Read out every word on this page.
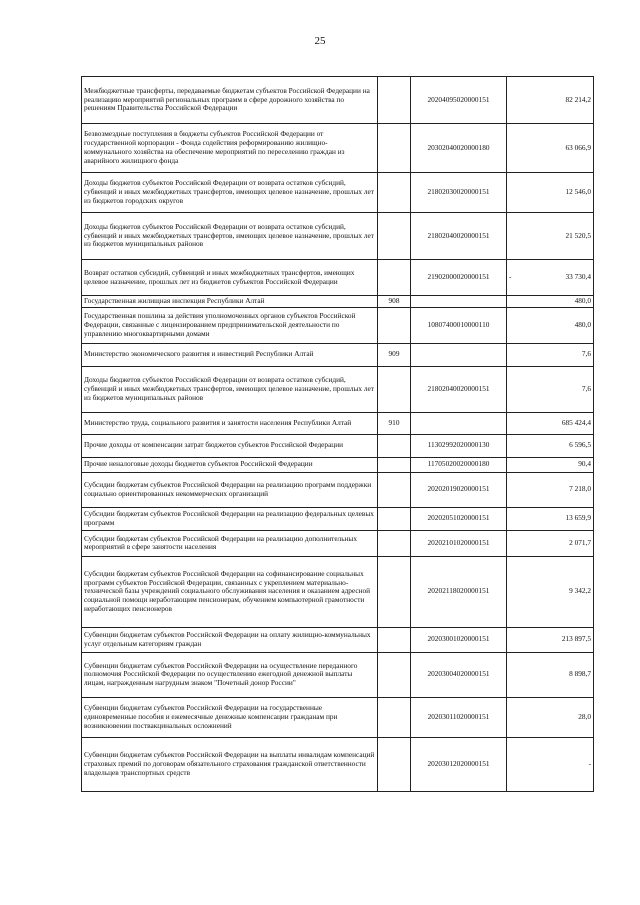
25
Межбюджетные трансферты, передаваемые бюджетам субъектов Российской Федерации на реализацию мероприятий региональных программ в сфере дорожного хозяйства по решениям Правительства Российской Федерации		20204095020000151	82 214,2
Безвозмездные поступления в бюджеты субъектов Российской Федерации от государственной корпорации - Фонда содействия реформированию жилищно-коммунального хозяйства на обеспечение мероприятий по переселению граждан из аварийного жилищного фонда		20302040020000180	63 066,9
Доходы бюджетов субъектов Российской Федерации от возврата остатков субсидий, субвенций и иных межбюджетных трансфертов, имеющих целевое назначение, прошлых лет из бюджетов городских округов		21802030020000151	12 546,0
Доходы бюджетов субъектов Российской Федерации от возврата остатков субсидий, субвенций и иных межбюджетных трансфертов, имеющих целевое назначение, прошлых лет из бюджетов муниципальных районов		21802040020000151	21 520,5
Возврат остатков субсидий, субвенций и иных межбюджетных трансфертов, имеющих целевое назначение, прошлых лет из бюджетов субъектов Российской Федерации		21902000020000151	- 33 730,4
Государственная жилищная инспекция Республики Алтай	908		480,0
Государственная пошлина за действия уполномоченных органов субъектов Российской Федерации, связанные с лицензированием предпринимательской деятельности по управлению многоквартирными домами		10807400010000110	480,0
Министерство экономического развития и инвестиций Республики Алтай	909		7,6
Доходы бюджетов субъектов Российской Федерации от возврата остатков субсидий, субвенций и иных межбюджетных трансфертов, имеющих целевое назначение, прошлых лет из бюджетов муниципальных районов		21802040020000151	7,6
Министерство труда, социального развития и занятости населения Республики Алтай	910		685 424,4
Прочие доходы от компенсации затрат бюджетов субъектов Российской Федерации		11302992020000130	6 596,5
Прочие неналоговые доходы бюджетов субъектов Российской Федерации		11705020020000180	90,4
Субсидии бюджетам субъектов Российской Федерации на реализацию программ поддержки социально ориентированных некоммерческих организаций		20202019020000151	7 218,0
Субсидии бюджетам субъектов Российской Федерации на реализацию федеральных целевых программ		20202051020000151	13 659,9
Субсидии бюджетам субъектов Российской Федерации на реализацию дополнительных мероприятий в сфере занятости населения		20202101020000151	2 071,7
Субсидии бюджетам субъектов Российской Федерации на софинансирование социальных программ субъектов Российской Федерации, связанных с укреплением материально-технической базы учреждений социального обслуживания населения и оказанием адресной социальной помощи неработающим пенсионерам, обучением компьютерной грамотности неработающих пенсионеров		20202118020000151	9 342,2
Субвенции бюджетам субъектов Российской Федерации на оплату жилищно-коммунальных услуг отдельным категориям граждан		20203001020000151	213 897,5
Субвенции бюджетам субъектов Российской Федерации на осуществление переданного полномочия Российской Федерации по осуществлению ежегодной денежной выплаты лицам, награжденным нагрудным знаком "Почетный донор России"		20203004020000151	8 898,7
Субвенции бюджетам субъектов Российской Федерации на государственные единовременные пособия и ежемесячные денежные компенсации гражданам при возникновении поствакцинальных осложнений		20203011020000151	28,0
Субвенции бюджетам субъектов Российской Федерации на выплаты инвалидам компенсаций страховых премий по договорам обязательного страхования гражданской ответственности владельцев транспортных средств		20203012020000151	-
